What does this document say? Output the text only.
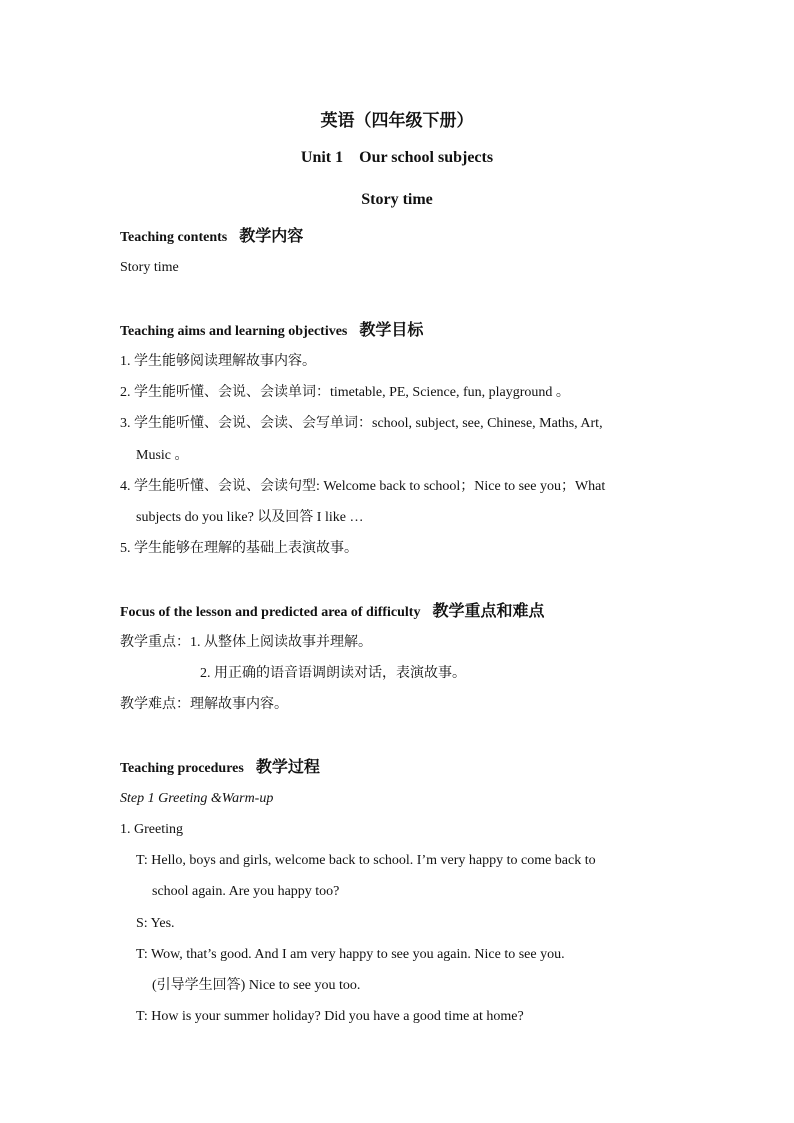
英语（四年级下册）
Unit 1    Our school subjects
Story time
Teaching contents 教学内容
Story time
Teaching aims and learning objectives 教学目标
1. 学生能够阅读理解故事内容。
2. 学生能听懂、会说、会读单词：timetable, PE, Science, fun, playground 。
3. 学生能听懂、会说、会读、会写单词：school, subject, see, Chinese, Maths, Art,
Music 。
4. 学生能听懂、会说、会读句型: Welcome back to school；Nice to see you；What
subjects do you like? 以及回答 I like …
5. 学生能够在理解的基础上表演故事。
Focus of the lesson and predicted area of difficulty 教学重点和难点
教学重点：1. 从整体上阅读故事并理解。
2. 用正确的语音语调朗读对话，表演故事。
教学难点：理解故事内容。
Teaching procedures 教学过程
Step 1 Greeting &Warm-up
1. Greeting
T: Hello, boys and girls, welcome back to school. I’m very happy to come back to
school again. Are you happy too?
S: Yes.
T: Wow, that’s good. And I am very happy to see you again. Nice to see you.
(引导学生回答) Nice to see you too.
T: How is your summer holiday? Did you have a good time at home?
